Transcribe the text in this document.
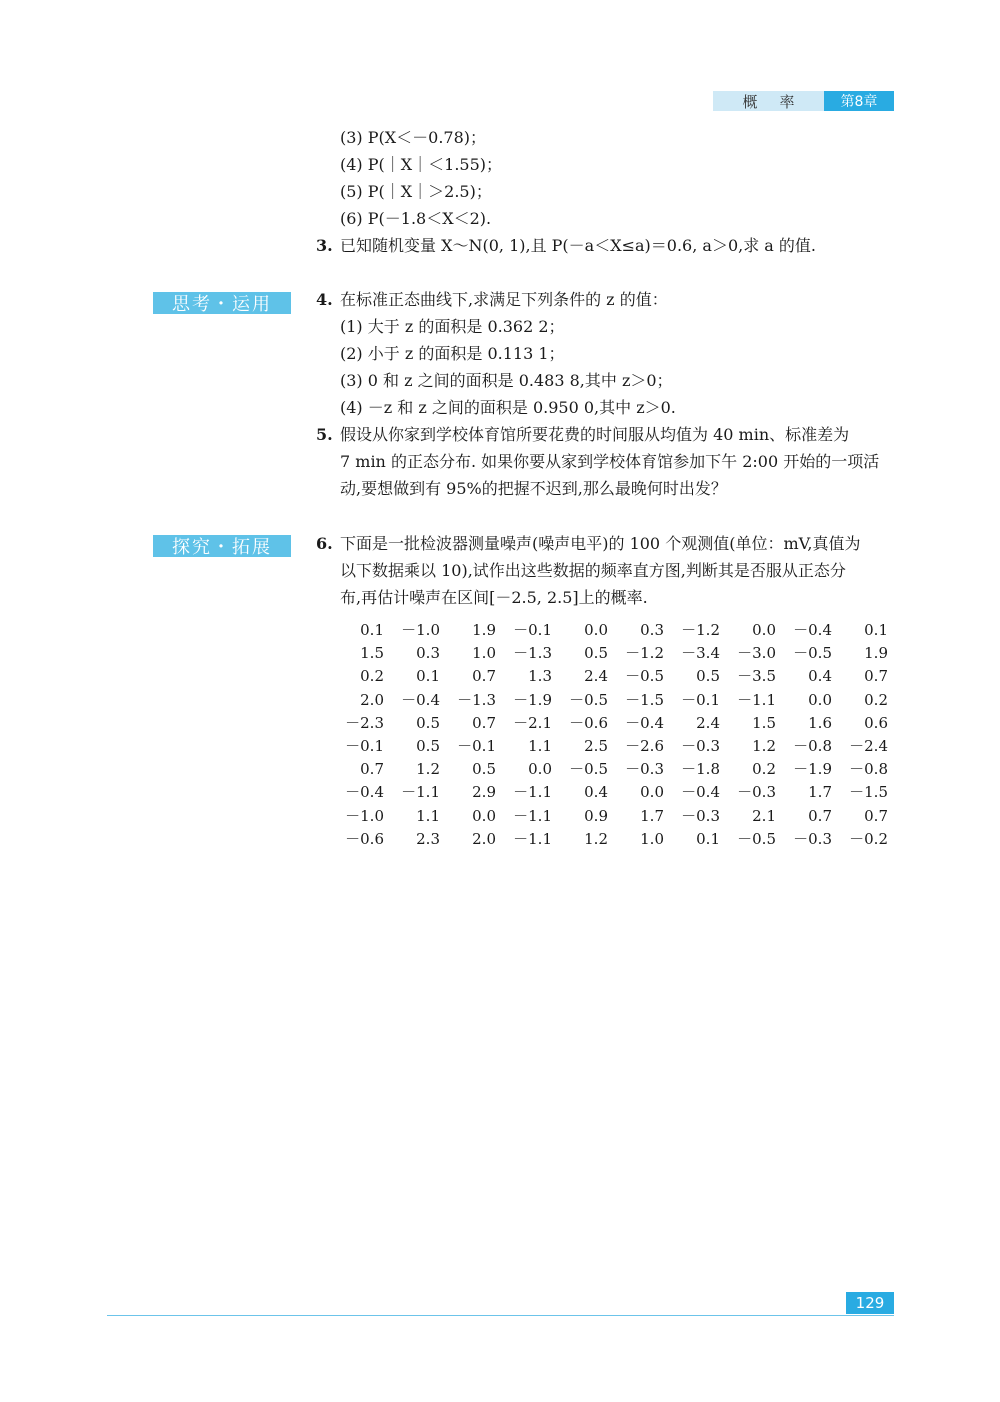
概率	第8章
(3) P(X＜－0.78)；
(4) P(｜X｜＜1.55)；
(5) P(｜X｜＞2.5)；
(6) P(－1.8＜X＜2).
3. 已知随机变量 X～N(0, 1),且 P(－a＜X≤a)＝0.6, a＞0,求 a 的值.
思考・运用	4. 在标准正态曲线下,求满足下列条件的 z 的值：
(1) 大于 z 的面积是 0.362 2；
(2) 小于 z 的面积是 0.113 1；
(3) 0 和 z 之间的面积是 0.483 8,其中 z＞0；
(4) －z 和 z 之间的面积是 0.950 0,其中 z＞0.
5. 假设从你家到学校体育馆所要花费的时间服从均值为 40 min、标准差为
7 min 的正态分布. 如果你要从家到学校体育馆参加下午 2:00 开始的一项活
动,要想做到有 95%的把握不迟到,那么最晚何时出发？
探究・拓展	6. 下面是一批检波器测量噪声(噪声电平)的 100 个观测值(单位：mV,真值为
以下数据乘以 10),试作出这些数据的频率直方图,判断其是否服从正态分
布,再估计噪声在区间[－2.5, 2.5]上的概率.
0.1	－1.0	1.9	－0.1	0.0	0.3	－1.2	0.0	－0.4	0.1
1.5	0.3	1.0	－1.3	0.5	－1.2	－3.4	－3.0	－0.5	1.9
0.2	0.1	0.7	1.3	2.4	－0.5	0.5	－3.5	0.4	0.7
2.0	－0.4	－1.3	－1.9	－0.5	－1.5	－0.1	－1.1	0.0	0.2
－2.3	0.5	0.7	－2.1	－0.6	－0.4	2.4	1.5	1.6	0.6
－0.1	0.5	－0.1	1.1	2.5	－2.6	－0.3	1.2	－0.8	－2.4
0.7	1.2	0.5	0.0	－0.5	－0.3	－1.8	0.2	－1.9	－0.8
－0.4	－1.1	2.9	－1.1	0.4	0.0	－0.4	－0.3	1.7	－1.5
－1.0	1.1	0.0	－1.1	0.9	1.7	－0.3	2.1	0.7	0.7
－0.6	2.3	2.0	－1.1	1.2	1.0	0.1	－0.5	－0.3	－0.2
129
